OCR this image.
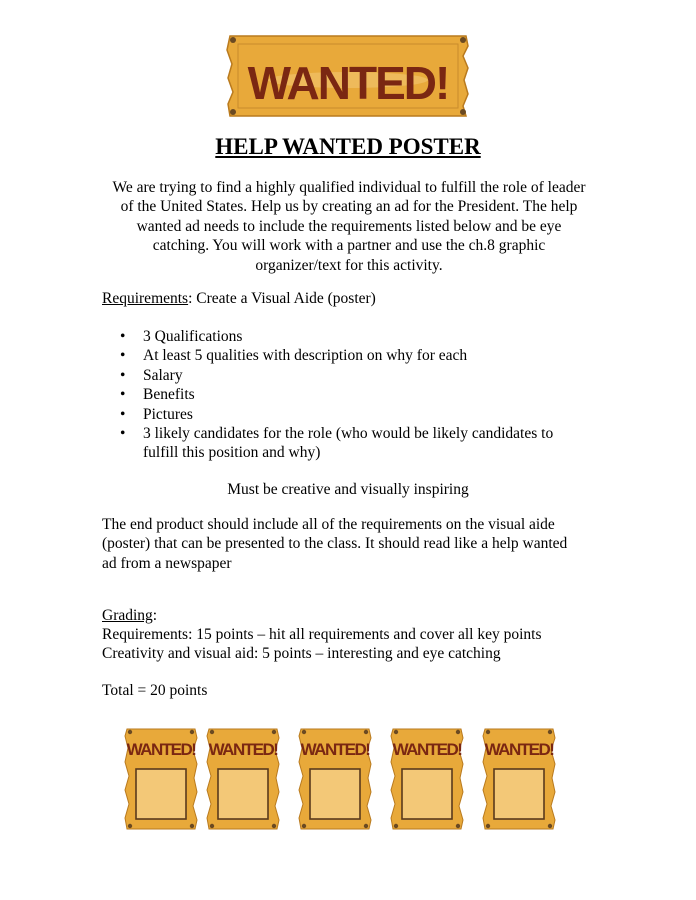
WANTED!
HELP WANTED POSTER

We are trying to find a highly qualified individual to fulfill the role of leader
of the United States. Help us by creating an ad for the President. The help
wanted ad needs to include the requirements listed below and be eye
catching. You will work with a partner and use the ch.8 graphic
organizer/text for this activity.

Requirements: Create a Visual Aide (poster)

• 3 Qualifications
• At least 5 qualities with description on why for each
• Salary
• Benefits
• Pictures
• 3 likely candidates for the role (who would be likely candidates to fulfill this position and why)

Must be creative and visually inspiring

The end product should include all of the requirements on the visual aide
(poster) that can be presented to the class. It should read like a help wanted
ad from a newspaper

Grading:

Requirements: 15 points – hit all requirements and cover all key points
Creativity and visual aid: 5 points – interesting and eye catching

Total = 20 points

WANTED! WANTED! WANTED! WANTED! WANTED!
